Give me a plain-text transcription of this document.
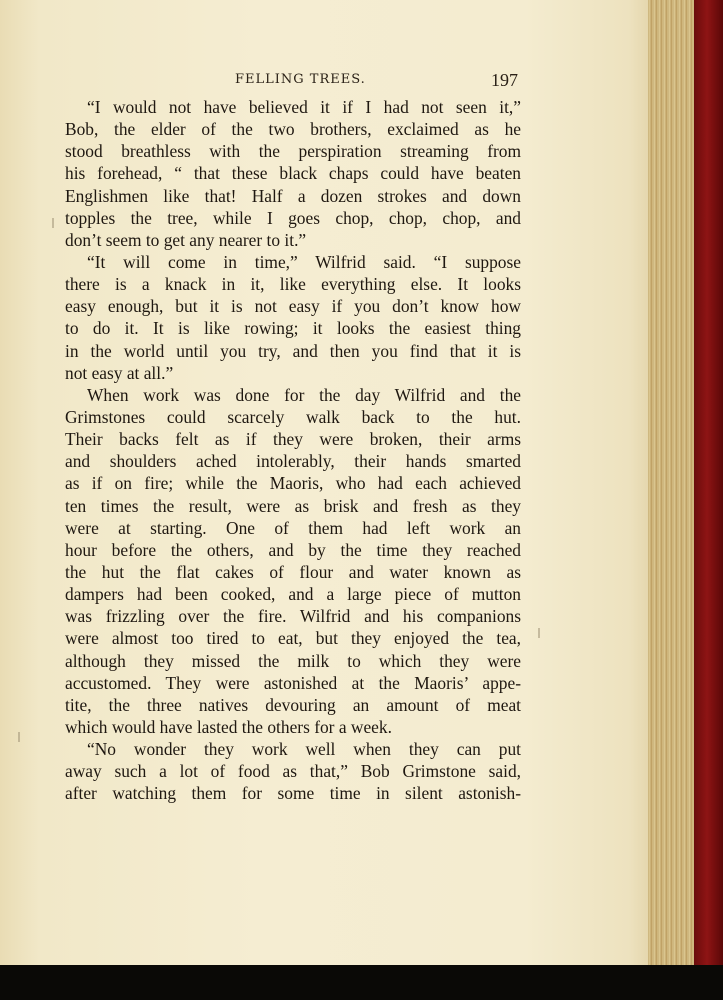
FELLING TREES.	197
“I would not have believed it if I had not seen it,”
Bob, the elder of the two brothers, exclaimed as he
stood breathless with the perspiration streaming from
his forehead, “ that these black chaps could have beaten
Englishmen like that! Half a dozen strokes and down
topples the tree, while I goes chop, chop, chop, and
don’t seem to get any nearer to it.”
“It will come in time,” Wilfrid said. “I suppose
there is a knack in it, like everything else. It looks
easy enough, but it is not easy if you don’t know how
to do it. It is like rowing; it looks the easiest thing
in the world until you try, and then you find that it is
not easy at all.”
When work was done for the day Wilfrid and the
Grimstones could scarcely walk back to the hut.
Their backs felt as if they were broken, their arms
and shoulders ached intolerably, their hands smarted
as if on fire; while the Maoris, who had each achieved
ten times the result, were as brisk and fresh as they
were at starting. One of them had left work an
hour before the others, and by the time they reached
the hut the flat cakes of flour and water known as
dampers had been cooked, and a large piece of mutton
was frizzling over the fire. Wilfrid and his companions
were almost too tired to eat, but they enjoyed the tea,
although they missed the milk to which they were
accustomed. They were astonished at the Maoris’ appe-
tite, the three natives devouring an amount of meat
which would have lasted the others for a week.
“No wonder they work well when they can put
away such a lot of food as that,” Bob Grimstone said,
after watching them for some time in silent astonish-
